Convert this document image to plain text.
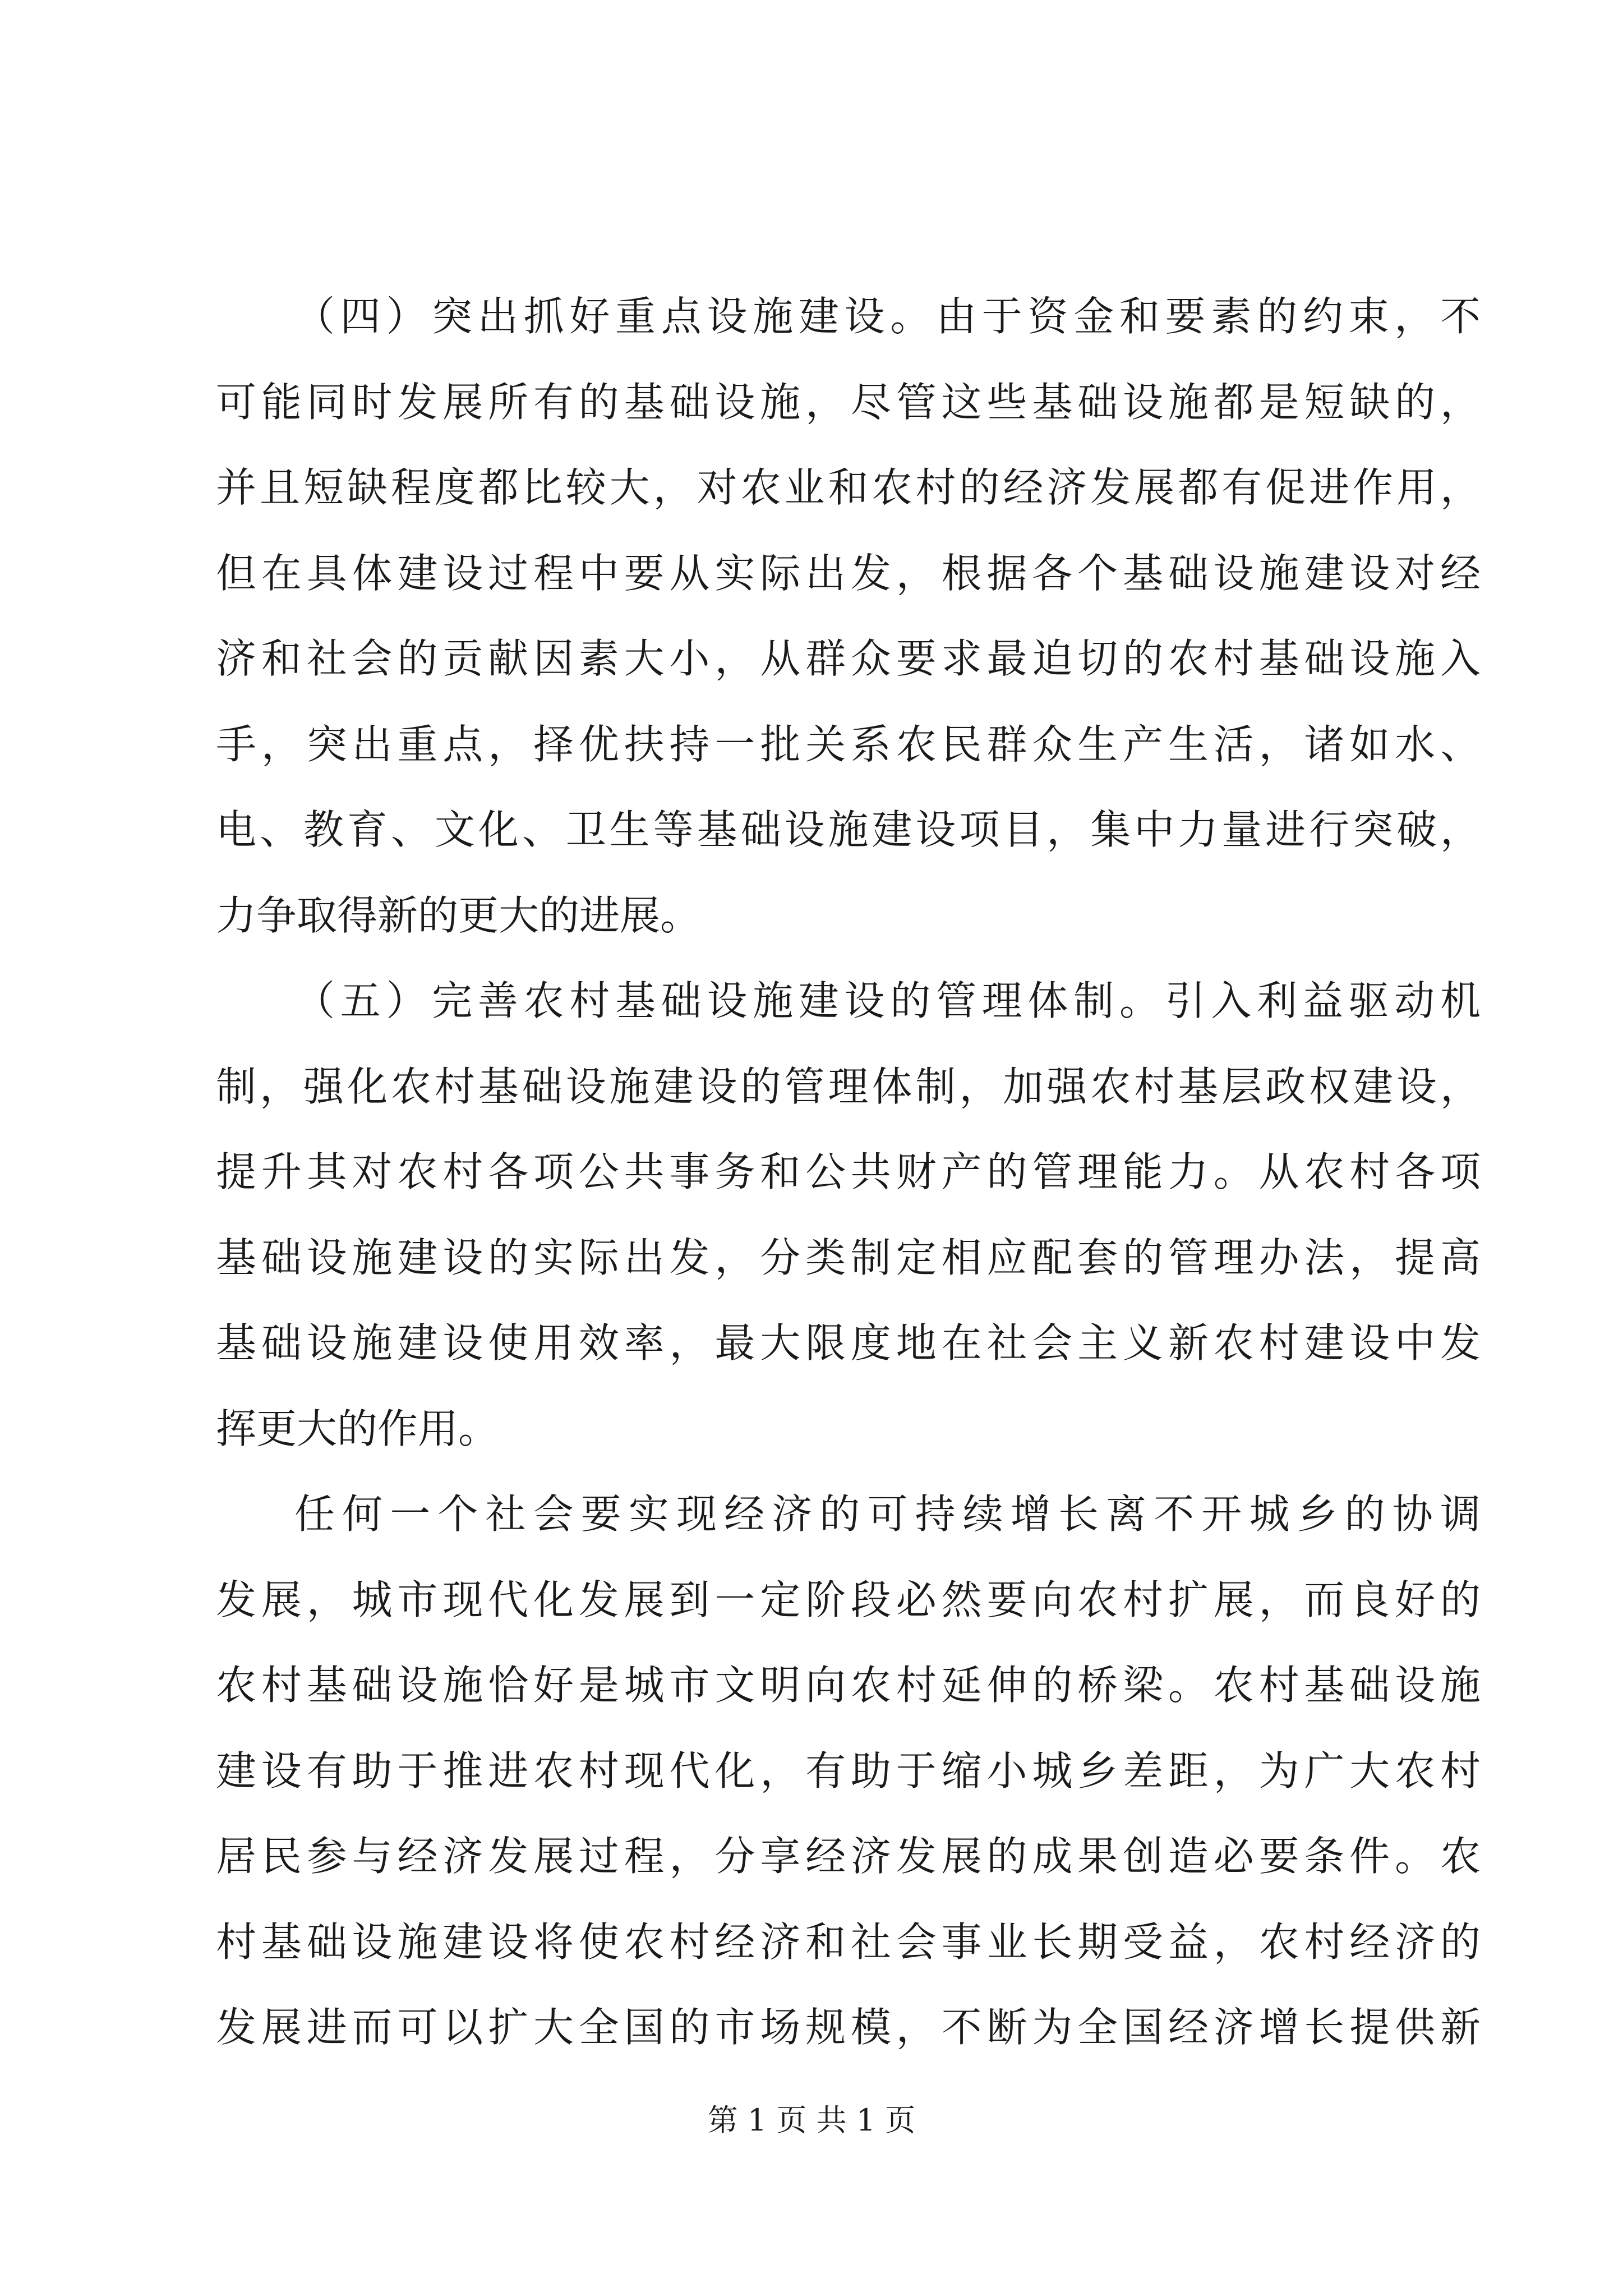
（四）突出抓好重点设施建设。由于资金和要素的约束，不
可能同时发展所有的基础设施，尽管这些基础设施都是短缺的，
并且短缺程度都比较大，对农业和农村的经济发展都有促进作用，
但在具体建设过程中要从实际出发，根据各个基础设施建设对经
济和社会的贡献因素大小，从群众要求最迫切的农村基础设施入
手，突出重点，择优扶持一批关系农民群众生产生活，诸如水、
电、教育、文化、卫生等基础设施建设项目，集中力量进行突破，
力争取得新的更大的进展。
（五）完善农村基础设施建设的管理体制。引入利益驱动机
制，强化农村基础设施建设的管理体制，加强农村基层政权建设，
提升其对农村各项公共事务和公共财产的管理能力。从农村各项
基础设施建设的实际出发，分类制定相应配套的管理办法，提高
基础设施建设使用效率，最大限度地在社会主义新农村建设中发
挥更大的作用。
任何一个社会要实现经济的可持续增长离不开城乡的协调
发展，城市现代化发展到一定阶段必然要向农村扩展，而良好的
农村基础设施恰好是城市文明向农村延伸的桥梁。农村基础设施
建设有助于推进农村现代化，有助于缩小城乡差距，为广大农村
居民参与经济发展过程，分享经济发展的成果创造必要条件。农
村基础设施建设将使农村经济和社会事业长期受益，农村经济的
发展进而可以扩大全国的市场规模，不断为全国经济增长提供新
第 1 页 共 1 页
